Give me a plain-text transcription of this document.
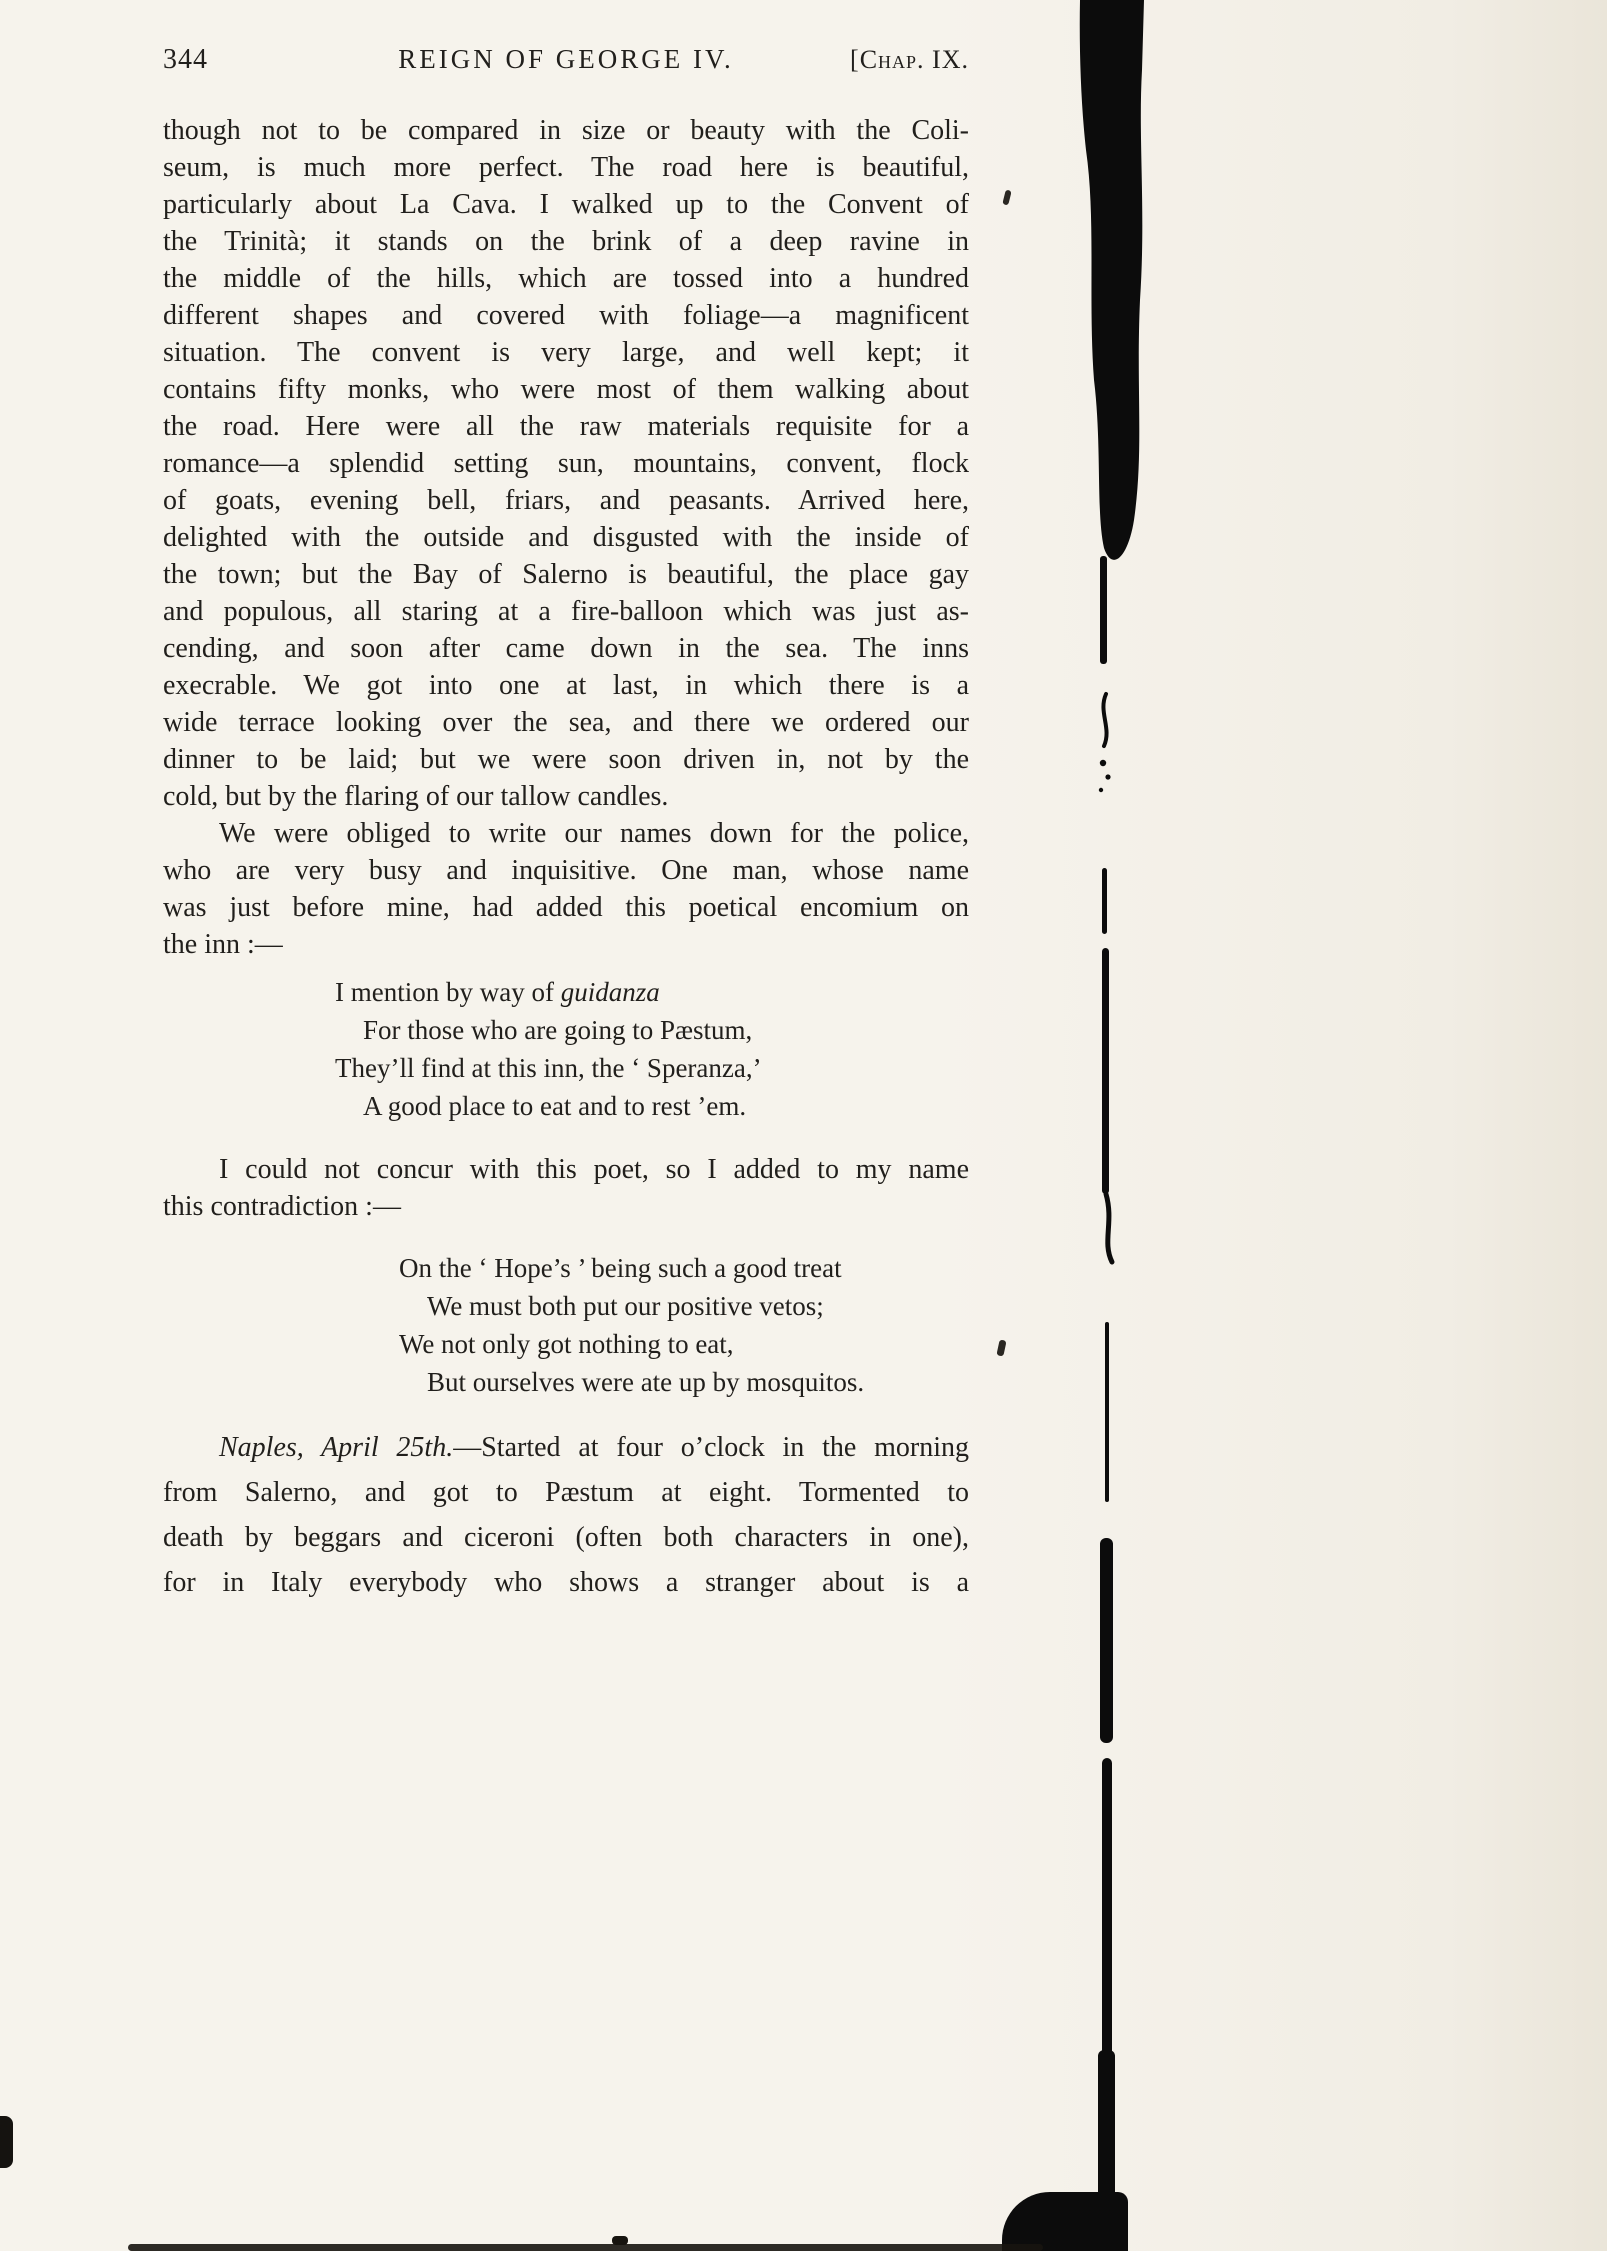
344	REIGN OF GEORGE IV.	[Chap. IX.
though not to be compared in size or beauty with the Coli-
seum, is much more perfect. The road here is beautiful,
particularly about La Cava. I walked up to the Convent of
the Trinità; it stands on the brink of a deep ravine in
the middle of the hills, which are tossed into a hundred
different shapes and covered with foliage—a magnificent
situation. The convent is very large, and well kept; it
contains fifty monks, who were most of them walking about
the road. Here were all the raw materials requisite for a
romance—a splendid setting sun, mountains, convent, flock
of goats, evening bell, friars, and peasants. Arrived here,
delighted with the outside and disgusted with the inside of
the town; but the Bay of Salerno is beautiful, the place gay
and populous, all staring at a fire-balloon which was just as-
cending, and soon after came down in the sea. The inns
execrable. We got into one at last, in which there is a
wide terrace looking over the sea, and there we ordered our
dinner to be laid; but we were soon driven in, not by the
cold, but by the flaring of our tallow candles.
We were obliged to write our names down for the police,
who are very busy and inquisitive. One man, whose name
was just before mine, had added this poetical encomium on
the inn :—
I mention by way of guidanza
For those who are going to Pæstum,
They’ll find at this inn, the ‘ Speranza,’
A good place to eat and to rest ’em.
I could not concur with this poet, so I added to my name
this contradiction :—
On the ‘ Hope’s ’ being such a good treat
We must both put our positive vetos;
We not only got nothing to eat,
But ourselves were ate up by mosquitos.
Naples, April 25th.—Started at four o’clock in the morning
from Salerno, and got to Pæstum at eight. Tormented to
death by beggars and ciceroni (often both characters in one),
for in Italy everybody who shows a stranger about is a
